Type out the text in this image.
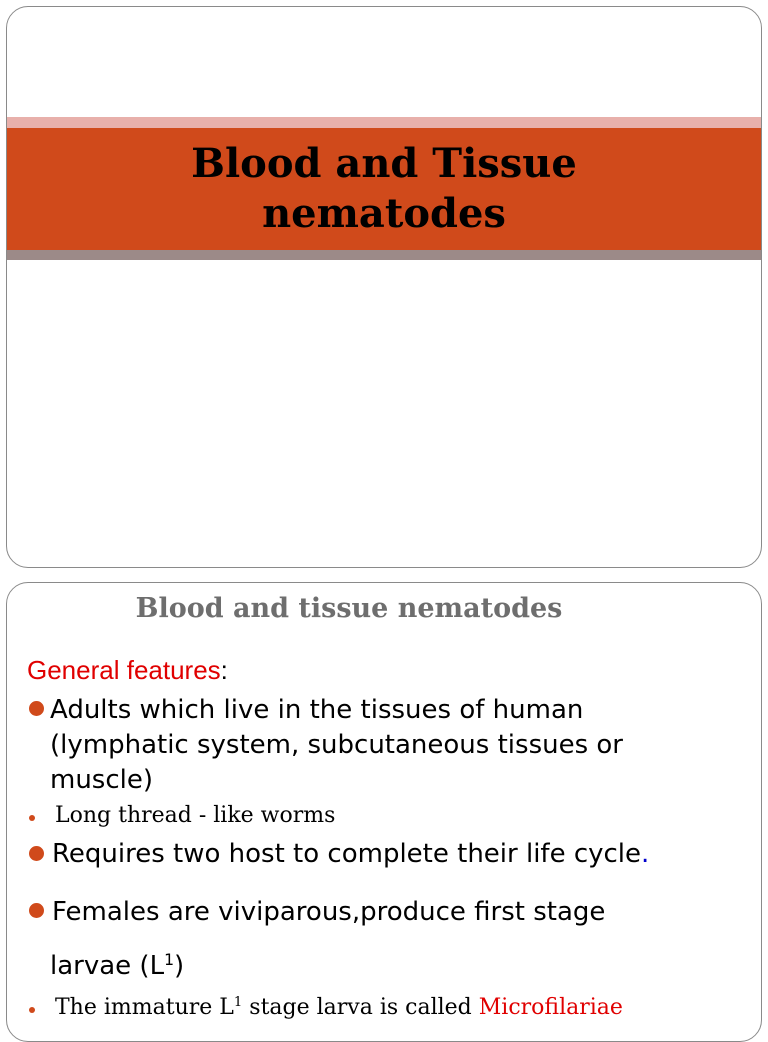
Blood and Tissue
nematodes

Blood and tissue nematodes

General features:

Adults which live in the tissues of human (lymphatic system, subcutaneous tissues or muscle)
Long thread - like worms
Requires two host to complete their life cycle .
Females are viviparous,produce first stage
larvae ($L^1$ )
The immature $L^1$ stage larva is called Microfilariae
